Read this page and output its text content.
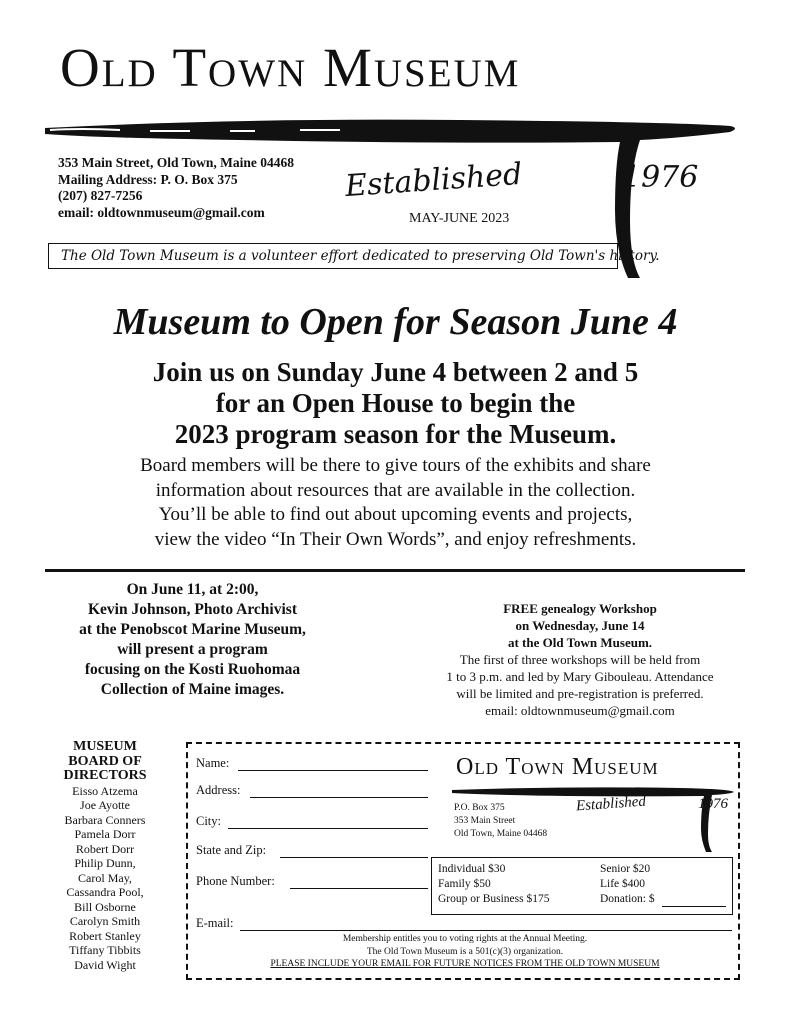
Old Town Museum
353 Main Street, Old Town, Maine 04468
Mailing Address: P. O. Box 375
(207) 827-7256
email: oldtownmuseum@gmail.com
Established	1976
MAY-JUNE 2023
The Old Town Museum is a volunteer effort dedicated to preserving Old Town's history.
Museum to Open for Season June 4
Join us on Sunday June 4 between 2 and 5
for an Open House to begin the
2023 program season for the Museum.
Board members will be there to give tours of the exhibits and share
information about resources that are available in the collection.
You’ll be able to find out about upcoming events and projects,
view the video “In Their Own Words”, and enjoy refreshments.
On June 11, at 2:00,
Kevin Johnson, Photo Archivist
at the Penobscot Marine Museum,
will present a program
focusing on the Kosti Ruohomaa
Collection of Maine images.
FREE genealogy Workshop
on Wednesday, June 14
at the Old Town Museum.
The first of three workshops will be held from
1 to 3 p.m. and led by Mary Gibouleau. Attendance
will be limited and pre-registration is preferred.
email: oldtownmuseum@gmail.com
MUSEUM
BOARD OF
DIRECTORS
Eisso Atzema
Joe Ayotte
Barbara Conners
Pamela Dorr
Robert Dorr
Philip Dunn,
Carol May,
Cassandra Pool,
Bill Osborne
Carolyn Smith
Robert Stanley
Tiffany Tibbits
David Wight
Name:
Address:
City:
State and Zip:
Phone Number:
E-mail:
Old Town Museum
P.O. Box 375
353 Main Street
Old Town, Maine 04468
Established	1976
Individual $30
Family $50
Group or Business $175
Senior $20
Life $400
Donation: $
Membership entitles you to voting rights at the Annual Meeting.
The Old Town Museum is a 501(c)(3) organization.
PLEASE INCLUDE YOUR EMAIL FOR FUTURE NOTICES FROM THE OLD TOWN MUSEUM
